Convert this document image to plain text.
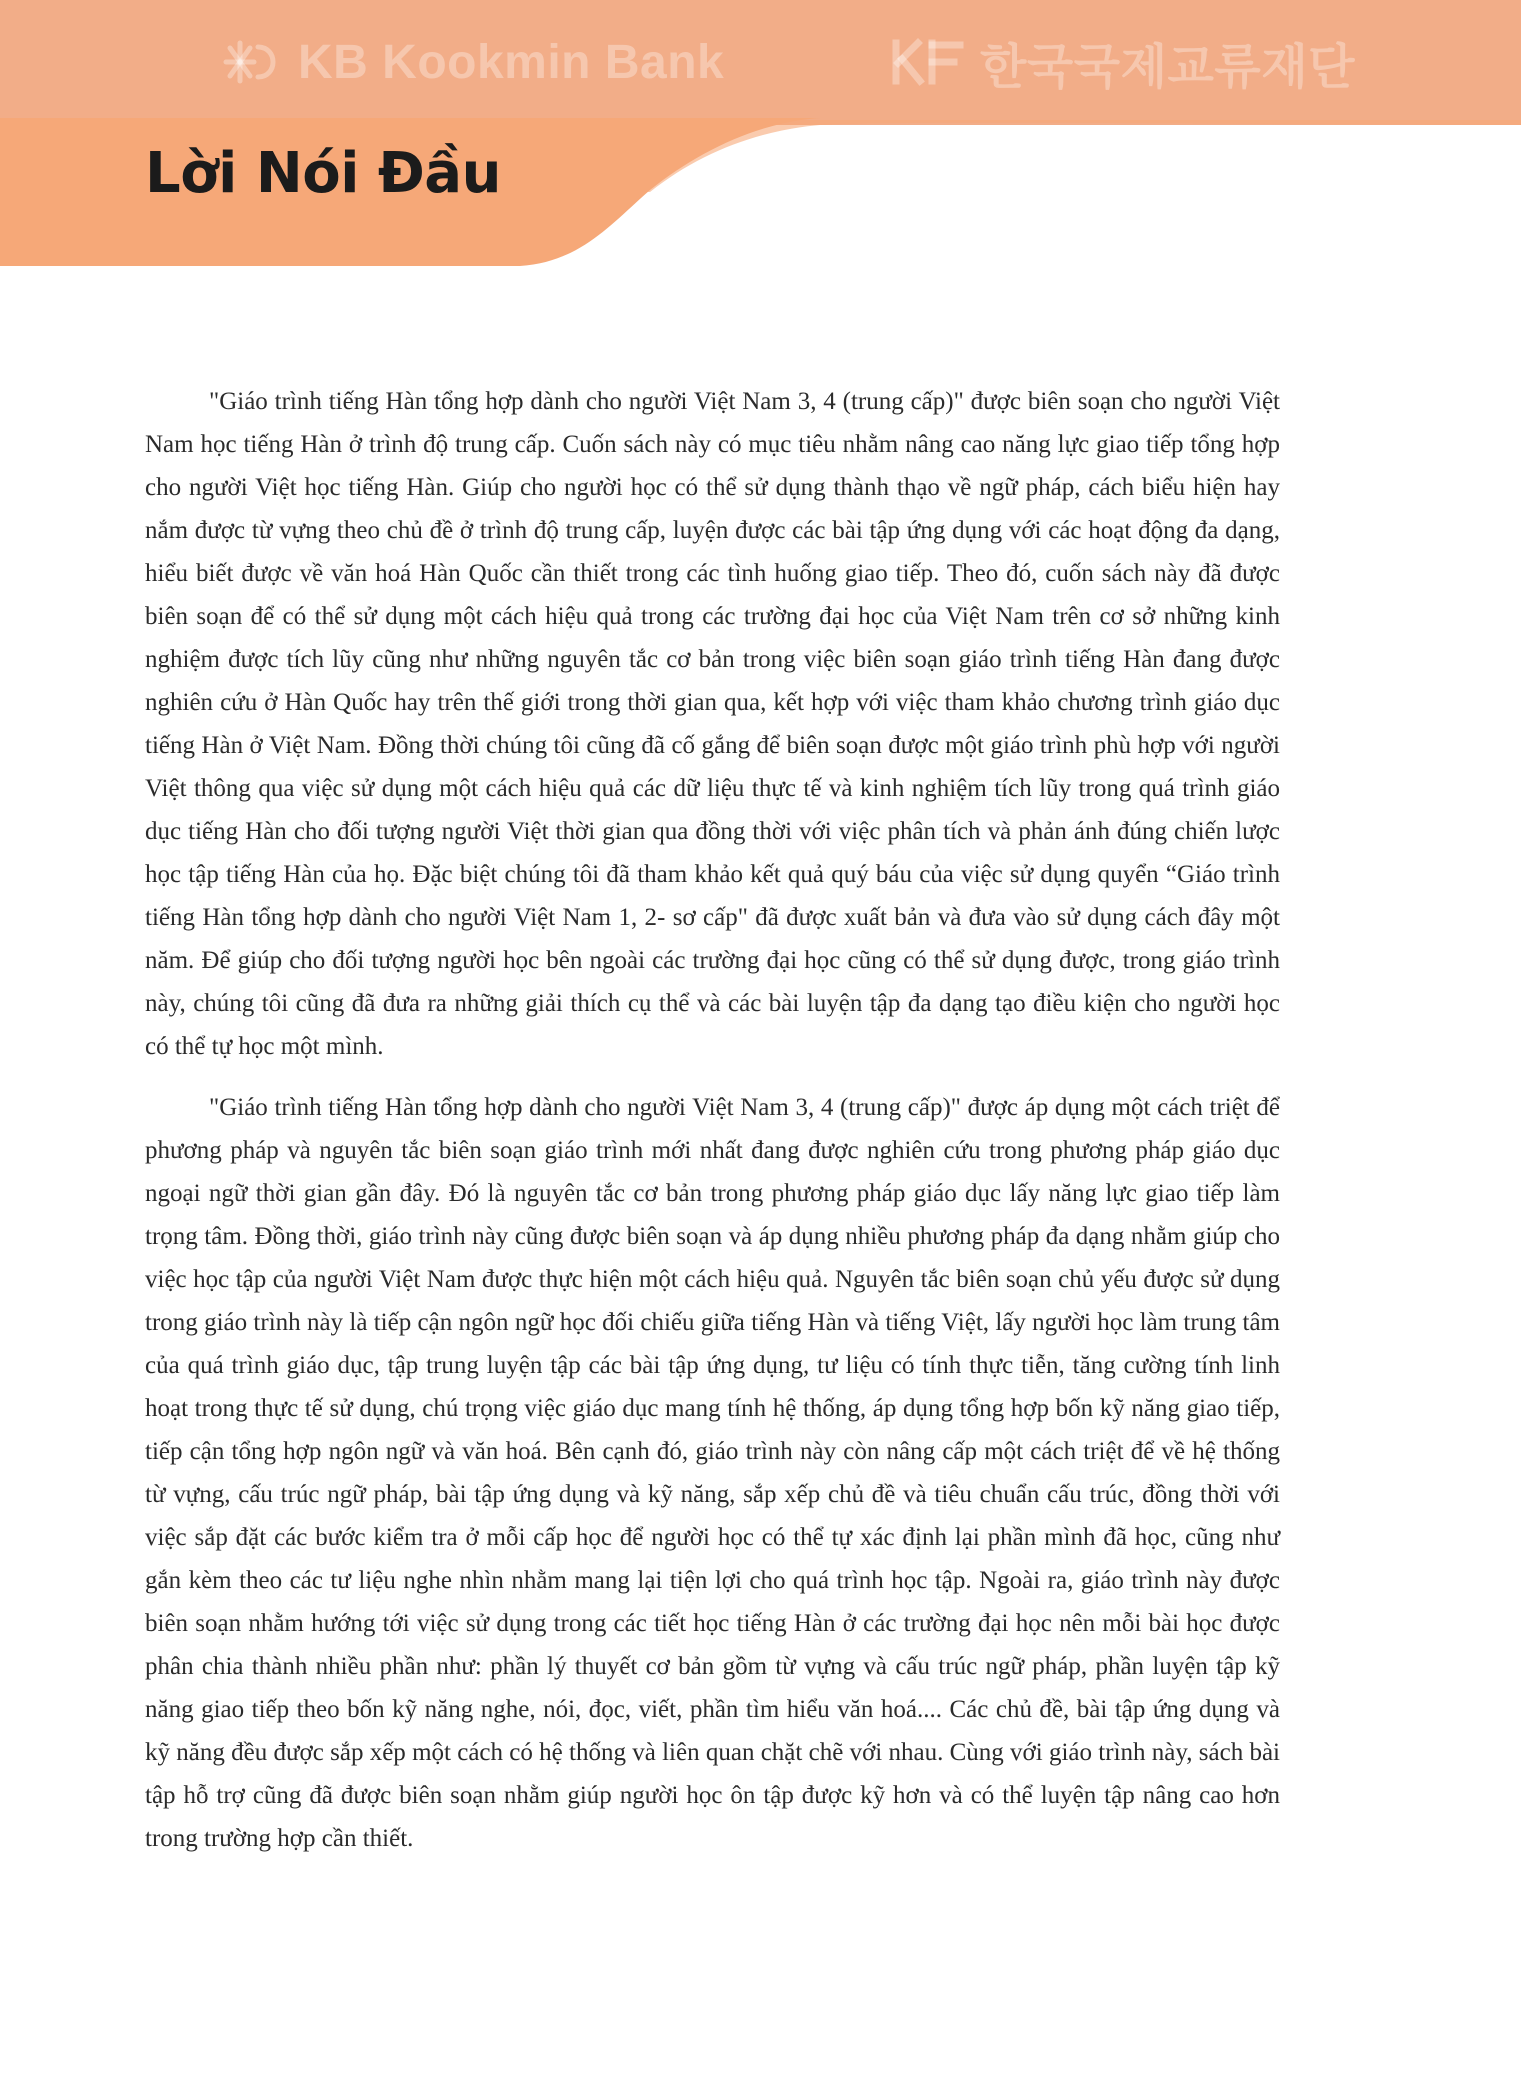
KB Kookmin Bank	한국국제교류재단
Lời Nói Đầu

"Giáo trình tiếng Hàn tổng hợp dành cho người Việt Nam 3, 4 (trung cấp)" được biên soạn cho người Việt Nam học tiếng Hàn ở trình độ trung cấp. Cuốn sách này có mục tiêu nhằm nâng cao năng lực giao tiếp tổng hợp cho người Việt học tiếng Hàn. Giúp cho người học có thể sử dụng thành thạo về ngữ pháp, cách biểu hiện hay nắm được từ vựng theo chủ đề ở trình độ trung cấp, luyện được các bài tập ứng dụng với các hoạt động đa dạng, hiểu biết được về văn hoá Hàn Quốc cần thiết trong các tình huống giao tiếp. Theo đó, cuốn sách này đã được biên soạn để có thể sử dụng một cách hiệu quả trong các trường đại học của Việt Nam trên cơ sở những kinh nghiệm được tích lũy cũng như những nguyên tắc cơ bản trong việc biên soạn giáo trình tiếng Hàn đang được nghiên cứu ở Hàn Quốc hay trên thế giới trong thời gian qua, kết hợp với việc tham khảo chương trình giáo dục tiếng Hàn ở Việt Nam. Đồng thời chúng tôi cũng đã cố gắng để biên soạn được một giáo trình phù hợp với người Việt thông qua việc sử dụng một cách hiệu quả các dữ liệu thực tế và kinh nghiệm tích lũy trong quá trình giáo dục tiếng Hàn cho đối tượng người Việt thời gian qua đồng thời với việc phân tích và phản ánh đúng chiến lược học tập tiếng Hàn của họ. Đặc biệt chúng tôi đã tham khảo kết quả quý báu của việc sử dụng quyển “Giáo trình tiếng Hàn tổng hợp dành cho người Việt Nam 1, 2- sơ cấp" đã được xuất bản và đưa vào sử dụng cách đây một năm. Để giúp cho đối tượng người học bên ngoài các trường đại học cũng có thể sử dụng được, trong giáo trình này, chúng tôi cũng đã đưa ra những giải thích cụ thể và các bài luyện tập đa dạng tạo điều kiện cho người học có thể tự học một mình.

"Giáo trình tiếng Hàn tổng hợp dành cho người Việt Nam 3, 4 (trung cấp)" được áp dụng một cách triệt để phương pháp và nguyên tắc biên soạn giáo trình mới nhất đang được nghiên cứu trong phương pháp giáo dục ngoại ngữ thời gian gần đây. Đó là nguyên tắc cơ bản trong phương pháp giáo dục lấy năng lực giao tiếp làm trọng tâm. Đồng thời, giáo trình này cũng được biên soạn và áp dụng nhiều phương pháp đa dạng nhằm giúp cho việc học tập của người Việt Nam được thực hiện một cách hiệu quả. Nguyên tắc biên soạn chủ yếu được sử dụng trong giáo trình này là tiếp cận ngôn ngữ học đối chiếu giữa tiếng Hàn và tiếng Việt, lấy người học làm trung tâm của quá trình giáo dục, tập trung luyện tập các bài tập ứng dụng, tư liệu có tính thực tiễn, tăng cường tính linh hoạt trong thực tế sử dụng, chú trọng việc giáo dục mang tính hệ thống, áp dụng tổng hợp bốn kỹ năng giao tiếp, tiếp cận tổng hợp ngôn ngữ và văn hoá. Bên cạnh đó, giáo trình này còn nâng cấp một cách triệt để về hệ thống từ vựng, cấu trúc ngữ pháp, bài tập ứng dụng và kỹ năng, sắp xếp chủ đề và tiêu chuẩn cấu trúc, đồng thời với việc sắp đặt các bước kiểm tra ở mỗi cấp học để người học có thể tự xác định lại phần mình đã học, cũng như gắn kèm theo các tư liệu nghe nhìn nhằm mang lại tiện lợi cho quá trình học tập. Ngoài ra, giáo trình này được biên soạn nhằm hướng tới việc sử dụng trong các tiết học tiếng Hàn ở các trường đại học nên mỗi bài học được phân chia thành nhiều phần như: phần lý thuyết cơ bản gồm từ vựng và cấu trúc ngữ pháp, phần luyện tập kỹ năng giao tiếp theo bốn kỹ năng nghe, nói, đọc, viết, phần tìm hiểu văn hoá.... Các chủ đề, bài tập ứng dụng và kỹ năng đều được sắp xếp một cách có hệ thống và liên quan chặt chẽ với nhau. Cùng với giáo trình này, sách bài tập hỗ trợ cũng đã được biên soạn nhằm giúp người học ôn tập được kỹ hơn và có thể luyện tập nâng cao hơn trong trường hợp cần thiết.
